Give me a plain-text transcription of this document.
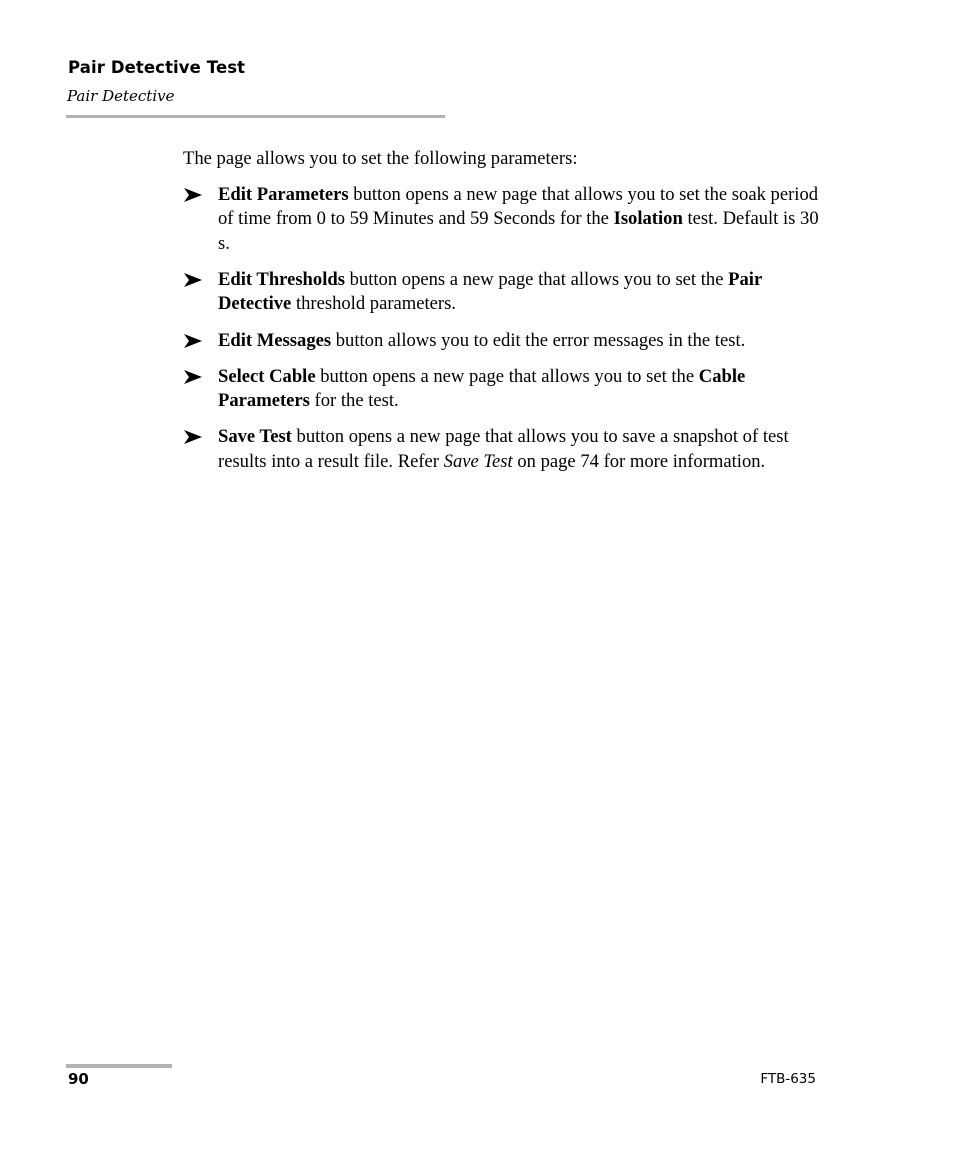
Pair Detective Test
Pair Detective

The page allows you to set the following parameters:

Edit Parameters button opens a new page that allows you to set the soak period of time from 0 to 59 Minutes and 59 Seconds for the Isolation test. Default is 30 s.
Edit Thresholds button opens a new page that allows you to set the Pair Detective threshold parameters.
Edit Messages button allows you to edit the error messages in the test.
Select Cable button opens a new page that allows you to set the Cable Parameters for the test.
Save Test button opens a new page that allows you to save a snapshot of test results into a result file. Refer Save Test on page 74 for more information.
90	FTB-635
